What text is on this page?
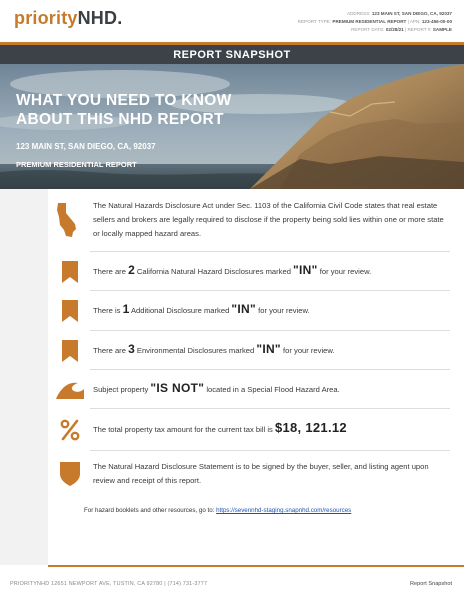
priorityNHD.	ADDRESS: 123 MAIN ST, SAN DIEGO, CA, 92037
REPORT TYPE: PREMIUM RESIDENTIAL REPORT | APN: 123-456-00-00
REPORT DATE: 02/28/21 | REPORT #: SAMPLE
REPORT SNAPSHOT
WHAT YOU NEED TO KNOW
ABOUT THIS NHD REPORT
123 MAIN ST, SAN DIEGO, CA, 92037
PREMIUM RESIDENTIAL REPORT
The Natural Hazards Disclosure Act under Sec. 1103 of the California Civil Code states that real estate sellers and brokers are legally required to disclose if the property being sold lies within one or more state or locally mapped hazard areas.
There are 2 California Natural Hazard Disclosures marked "IN" for your review.
There is 1 Additional Disclosure marked "IN" for your review.
There are 3 Environmental Disclosures marked "IN" for your review.
Subject property "IS NOT" located in a Special Flood Hazard Area.
The total property tax amount for the current tax bill is $18, 121.12
The Natural Hazard Disclosure Statement is to be signed by the buyer, seller, and listing agent upon review and receipt of this report.
For hazard booklets and other resources, go to: https://sevennhd-staging.snapnhd.com/resources
PRIORITYNHD 12651 NEWPORT AVE, TUSTIN, CA 92780 | (714) 731-3777	Report Snapshot
